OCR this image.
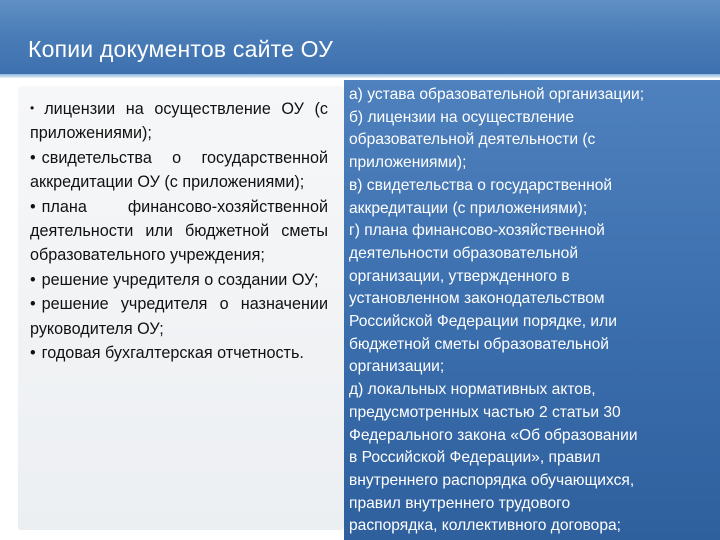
Копии документов сайте ОУ
• лицензии на осуществление ОУ (с приложениями);
• свидетельства о государственной аккредитации ОУ (с приложениями);
• плана финансово-хозяйственной деятельности или бюджетной сметы образовательного учреждения;
• решение учредителя о создании ОУ;
• решение учредителя о назначении руководителя ОУ;
• годовая бухгалтерская отчетность.
а) устава образовательной организации;
б) лицензии на осуществление
образовательной деятельности (с
приложениями);
в) свидетельства о государственной
аккредитации (с приложениями);
г) плана финансово-хозяйственной
деятельности образовательной
организации, утвержденного в
установленном законодательством
Российской Федерации порядке, или
бюджетной сметы образовательной
организации;
д) локальных нормативных актов,
предусмотренных частью 2 статьи 30
Федерального закона «Об образовании
в Российской Федерации», правил
внутреннего распорядка обучающихся,
правил внутреннего трудового
распорядка, коллективного договора;
